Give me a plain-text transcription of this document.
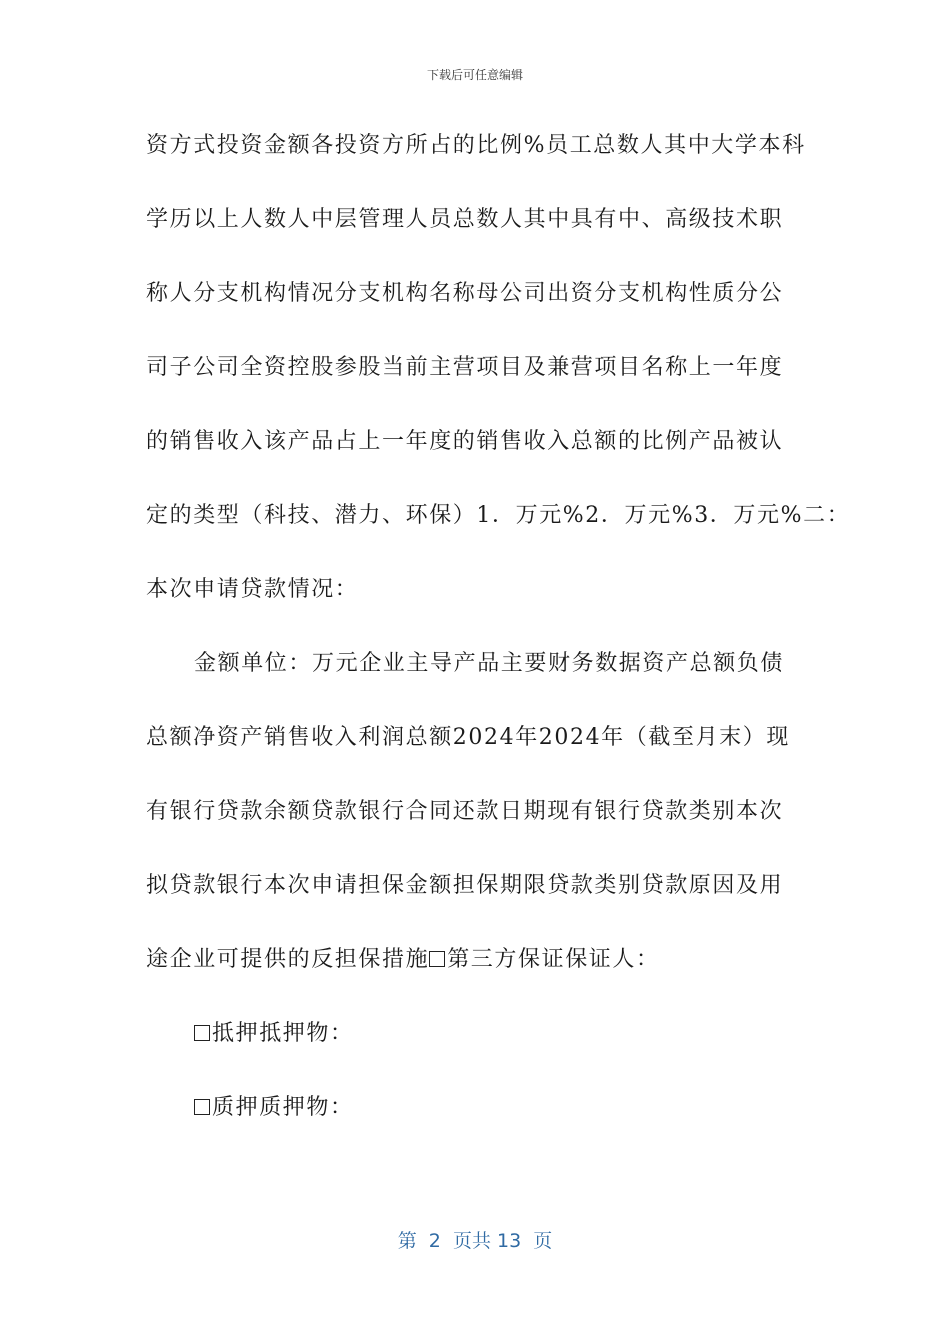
下载后可任意编辑
资方式投资金额各投资方所占的比例%员工总数人其中大学本科
学历以上人数人中层管理人员总数人其中具有中、高级技术职
称人分支机构情况分支机构名称母公司出资分支机构性质分公
司子公司全资控股参股当前主营项目及兼营项目名称上一年度
的销售收入该产品占上一年度的销售收入总额的比例产品被认
定的类型（科技、潜力、环保）1．万元%2．万元%3．万元%二：
本次申请贷款情况：
金额单位：万元企业主导产品主要财务数据资产总额负债
总额净资产销售收入利润总额2024年2024年（截至月末）现
有银行贷款余额贷款银行合同还款日期现有银行贷款类别本次
拟贷款银行本次申请担保金额担保期限贷款类别贷款原因及用
途企业可提供的反担保措施 第三方保证保证人：
抵押抵押物：
质押质押物：
第  2  页共 13  页
